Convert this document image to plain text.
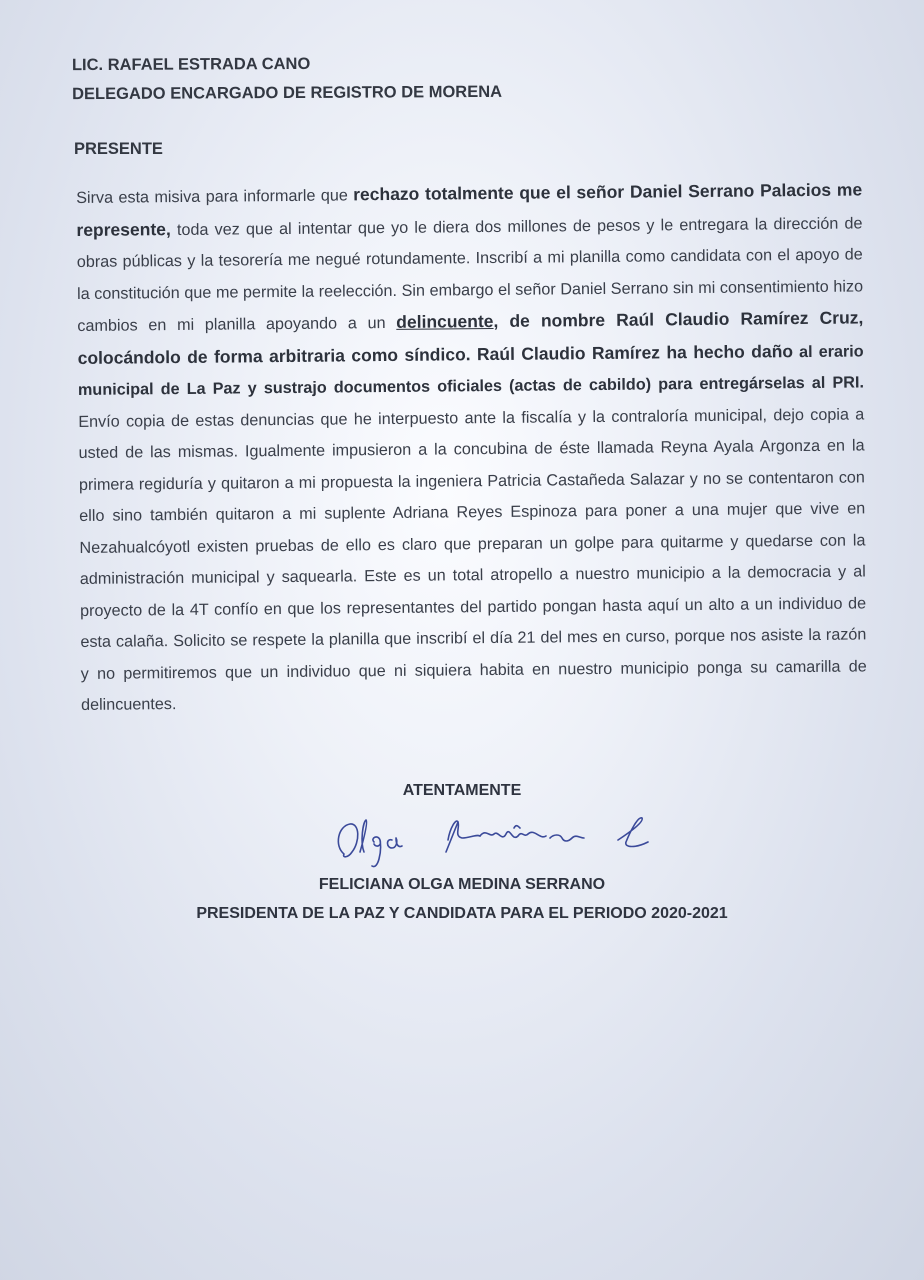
LIC. RAFAEL ESTRADA CANO
DELEGADO ENCARGADO DE REGISTRO DE MORENA
PRESENTE
Sirva esta misiva para informarle que rechazo totalmente que el señor Daniel Serrano Palacios me represente, toda vez que al intentar que yo le diera dos millones de pesos y le entregara la dirección de obras públicas y la tesorería me negué rotundamente. Inscribí a mi planilla como candidata con el apoyo de la constitución que me permite la reelección. Sin embargo el señor Daniel Serrano sin mi consentimiento hizo cambios en mi planilla apoyando a un delincuente, de nombre Raúl Claudio Ramírez Cruz, colocándolo de forma arbitraria como síndico. Raúl Claudio Ramírez ha hecho daño al erario municipal de La Paz y sustrajo documentos oficiales (actas de cabildo) para entregárselas al PRI. Envío copia de estas denuncias que he interpuesto ante la fiscalía y la contraloría municipal, dejo copia a usted de las mismas. Igualmente impusieron a la concubina de éste llamada Reyna Ayala Argonza en la primera regiduría y quitaron a mi propuesta la ingeniera Patricia Castañeda Salazar y no se contentaron con ello sino también quitaron a mi suplente Adriana Reyes Espinoza para poner a una mujer que vive en Nezahualcóyotl existen pruebas de ello es claro que preparan un golpe para quitarme y quedarse con la administración municipal y saquearla. Este es un total atropello a nuestro municipio a la democracia y al proyecto de la 4T confío en que los representantes del partido pongan hasta aquí un alto a un individuo de esta calaña. Solicito se respete la planilla que inscribí el día 21 del mes en curso, porque nos asiste la razón y no permitiremos que un individuo que ni siquiera habita en nuestro municipio ponga su camarilla de delincuentes.
ATENTAMENTE
FELICIANA OLGA MEDINA SERRANO
PRESIDENTA DE LA PAZ Y CANDIDATA PARA EL PERIODO 2020-2021
